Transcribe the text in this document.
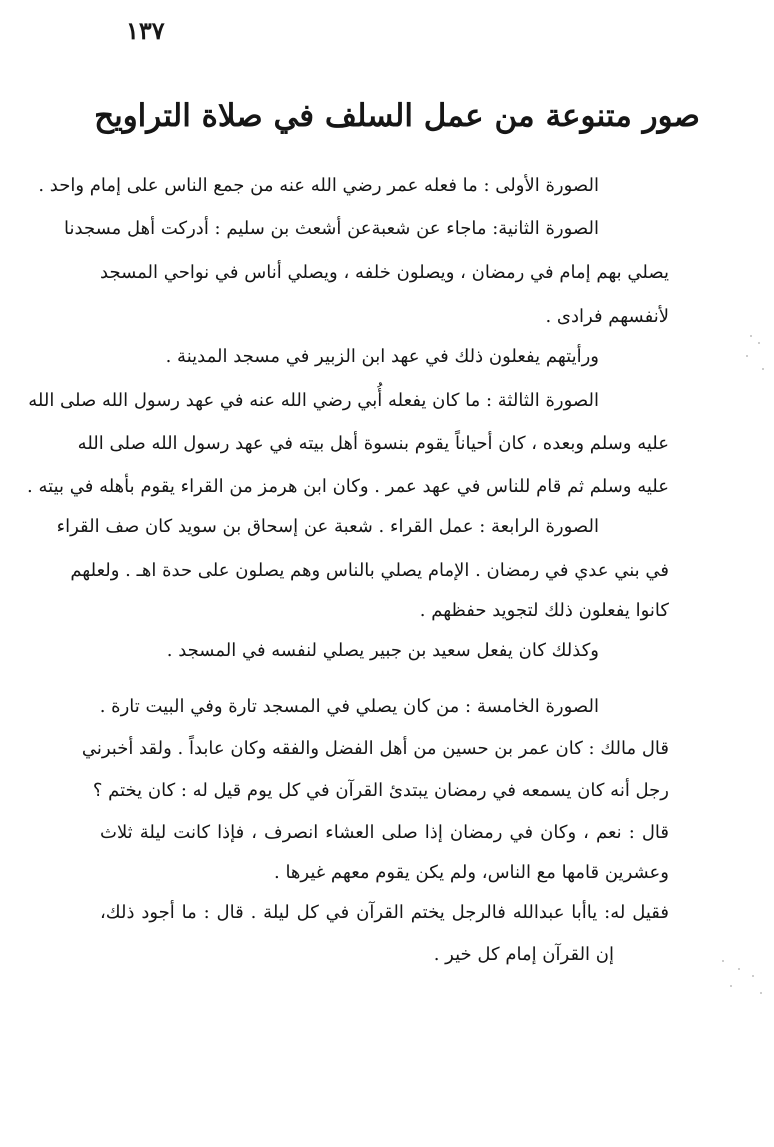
١٣٧
صور متنوعة من عمل السلف في صلاة التراويح
الصورة الأولى : ما فعله عمر رضي الله عنه من جمع الناس على إمام واحد .
الصورة الثانية: ماجاء عن شعبةعن أشعث بن سليم : أدركت أهل مسجدنا
يصلي بهم إمام في رمضان ، ويصلون خلفه ، ويصلي أناس في نواحي المسجد
لأنفسهم فرادى .
ورأيتهم يفعلون ذلك في عهد ابن الزبير في مسجد المدينة .
الصورة الثالثة : ما كان يفعله أُبي رضي الله عنه في عهد رسول الله صلى الله
عليه وسلم وبعده ، كان أحياناً يقوم بنسوة أهل بيته في عهد رسول الله صلى الله
عليه وسلم ثم قام للناس في عهد عمر . وكان ابن هرمز من القراء يقوم بأهله في بيته .
الصورة الرابعة : عمل القراء . شعبة عن إسحاق بن سويد كان صف القراء
في بني عدي في رمضان . الإمام يصلي بالناس وهم يصلون على حدة اهـ . ولعلهم
كانوا يفعلون ذلك لتجويد حفظهم .
وكذلك كان يفعل سعيد بن جبير يصلي لنفسه في المسجد .
الصورة الخامسة : من كان يصلي في المسجد تارة وفي البيت تارة .
قال مالك : كان عمر بن حسين من أهل الفضل والفقه وكان عابداً . ولقد أخبرني
رجل أنه كان يسمعه في رمضان يبتدئ القرآن في كل يوم قيل له : كان يختم ؟
قال : نعم ، وكان في رمضان إذا صلى العشاء انصرف ، فإذا كانت ليلة ثلاث
وعشرين قامها مع الناس، ولم يكن يقوم معهم غيرها .
فقيل له: ياأبا عبدالله فالرجل يختم القرآن في كل ليلة . قال : ما أجود ذلك،
إن القرآن إمام كل خير .
